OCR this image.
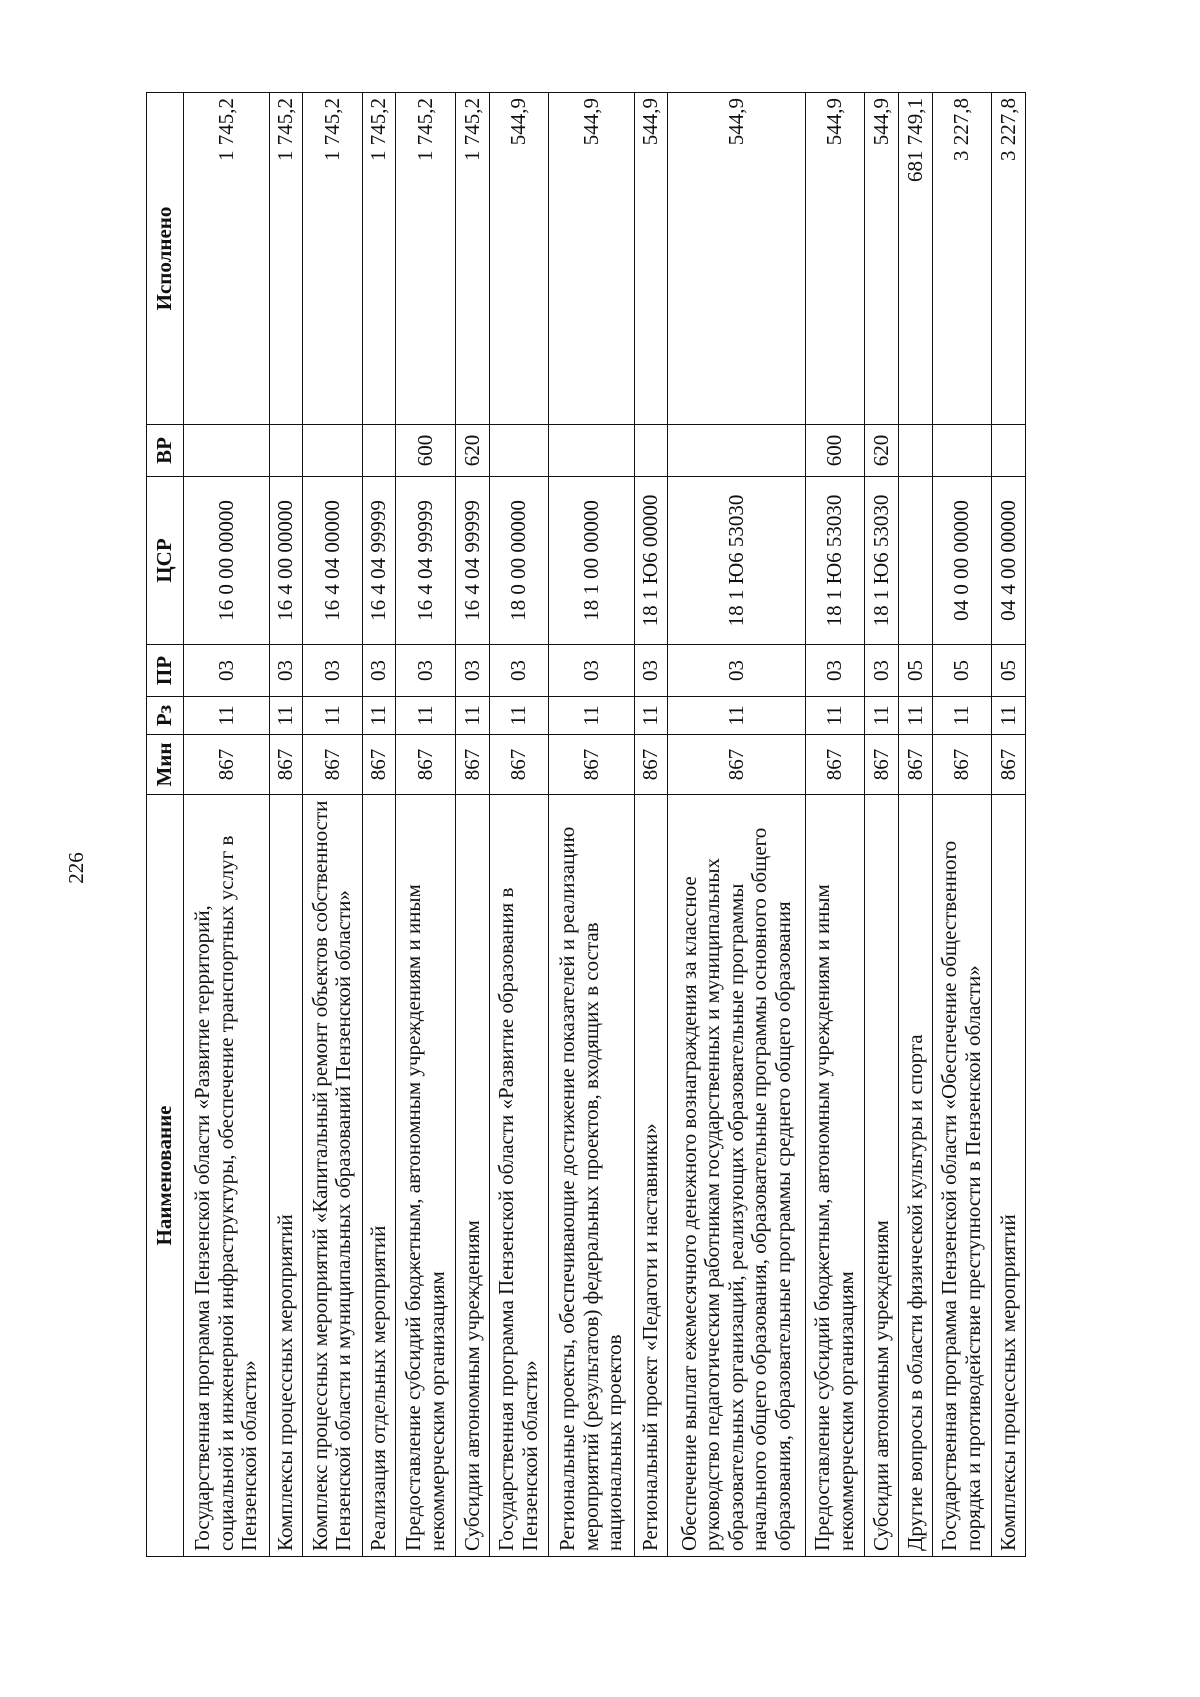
226
Наименование	Мин	Рз	ПР	ЦСР	ВР	Исполнено
Государственная программа Пензенской области «Развитие территорий, социальной и инженерной инфраструктуры, обеспечение транспортных услуг в Пензенской области»	867	11	03	16 0 00 00000		1 745,2
Комплексы процессных мероприятий	867	11	03	16 4 00 00000		1 745,2
Комплекс процессных мероприятий «Капитальный ремонт объектов собственности Пензенской области и муниципальных образований Пензенской области»	867	11	03	16 4 04 00000		1 745,2
Реализация отдельных мероприятий	867	11	03	16 4 04 99999		1 745,2
Предоставление субсидий бюджетным, автономным учреждениям и иным некоммерческим организациям	867	11	03	16 4 04 99999	600	1 745,2
Субсидии автономным учреждениям	867	11	03	16 4 04 99999	620	1 745,2
Государственная программа Пензенской области «Развитие образования в Пензенской области»	867	11	03	18 0 00 00000		544,9
Региональные проекты, обеспечивающие достижение показателей и реализацию мероприятий (результатов) федеральных проектов, входящих в состав национальных проектов	867	11	03	18 1 00 00000		544,9
Региональный проект «Педагоги и наставники»	867	11	03	18 1 Ю6 00000		544,9
Обеспечение выплат ежемесячного денежного вознаграждения за классное руководство педагогическим работникам государственных и муниципальных образовательных организаций, реализующих образовательные программы начального общего образования, образовательные программы основного общего образования, образовательные программы среднего общего образования	867	11	03	18 1 Ю6 53030		544,9
Предоставление субсидий бюджетным, автономным учреждениям и иным некоммерческим организациям	867	11	03	18 1 Ю6 53030	600	544,9
Субсидии автономным учреждениям	867	11	03	18 1 Ю6 53030	620	544,9
Другие вопросы в области физической культуры и спорта	867	11	05			681 749,1
Государственная программа Пензенской области «Обеспечение общественного порядка и противодействие преступности в Пензенской области»	867	11	05	04 0 00 00000		3 227,8
Комплексы процессных мероприятий	867	11	05	04 4 00 00000		3 227,8
